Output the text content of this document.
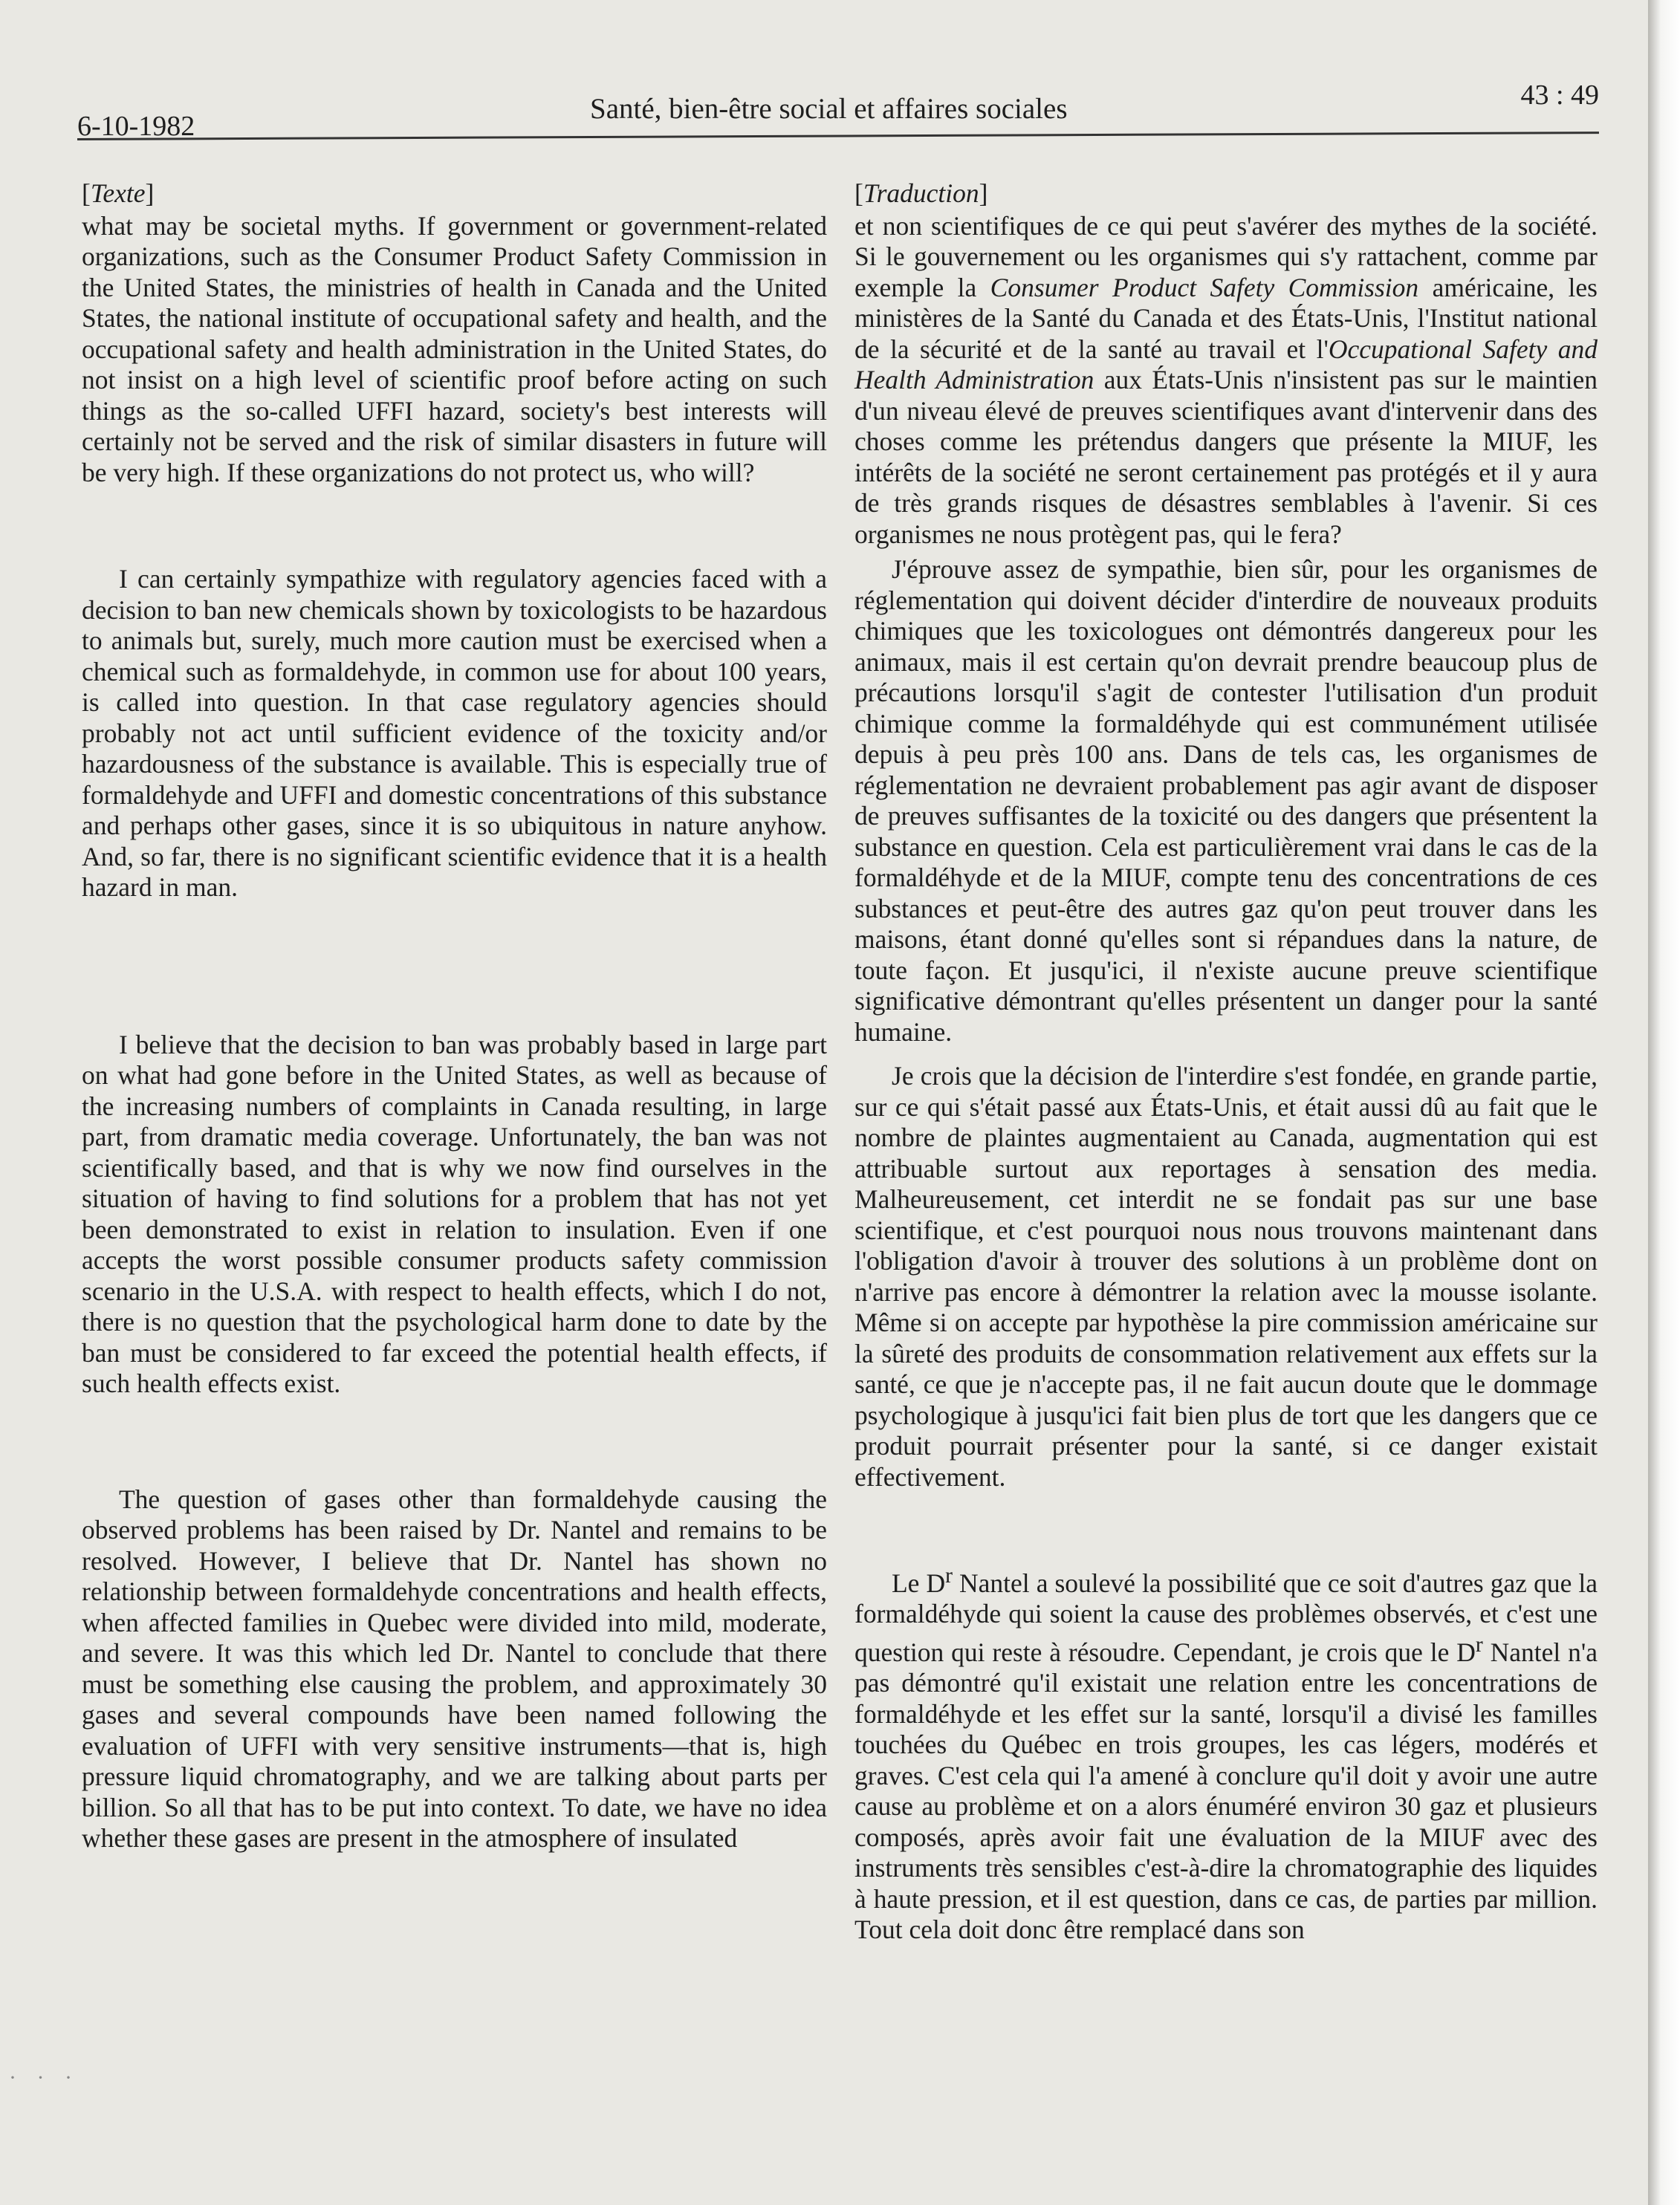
6-10-1982
Santé, bien-être social et affaires sociales	43 : 49
[Texte]

what may be societal myths. If government or government-related organizations, such as the Consumer Product Safety Commission in the United States, the ministries of health in Canada and the United States, the national institute of occupational safety and health, and the occupational safety and health administration in the United States, do not insist on a high level of scientific proof before acting on such things as the so-called UFFI hazard, society's best interests will certainly not be served and the risk of similar disasters in future will be very high. If these organizations do not protect us, who will?

I can certainly sympathize with regulatory agencies faced with a decision to ban new chemicals shown by toxicologists to be hazardous to animals but, surely, much more caution must be exercised when a chemical such as formaldehyde, in common use for about 100 years, is called into question. In that case regulatory agencies should probably not act until sufficient evidence of the toxicity and/or hazardousness of the substance is available. This is especially true of formaldehyde and UFFI and domestic concentrations of this substance and perhaps other gases, since it is so ubiquitous in nature anyhow. And, so far, there is no significant scientific evidence that it is a health hazard in man.

I believe that the decision to ban was probably based in large part on what had gone before in the United States, as well as because of the increasing numbers of complaints in Canada resulting, in large part, from dramatic media coverage. Unfortunately, the ban was not scientifically based, and that is why we now find ourselves in the situation of having to find solutions for a problem that has not yet been demonstrated to exist in relation to insulation. Even if one accepts the worst possible consumer products safety commission scenario in the U.S.A. with respect to health effects, which I do not, there is no question that the psychological harm done to date by the ban must be considered to far exceed the potential health effects, if such health effects exist.

The question of gases other than formaldehyde causing the observed problems has been raised by Dr. Nantel and remains to be resolved. However, I believe that Dr. Nantel has shown no relationship between formaldehyde concentrations and health effects, when affected families in Quebec were divided into mild, moderate, and severe. It was this which led Dr. Nantel to conclude that there must be something else causing the problem, and approximately 30 gases and several compounds have been named following the evaluation of UFFI with very sensitive instruments—that is, high pressure liquid chromatography, and we are talking about parts per billion. So all that has to be put into context. To date, we have no idea whether these gases are present in the atmosphere of insulated

[Traduction]

et non scientifiques de ce qui peut s'avérer des mythes de la société. Si le gouvernement ou les organismes qui s'y rattachent, comme par exemple la Consumer Product Safety Commission américaine, les ministères de la Santé du Canada et des États-Unis, l'Institut national de la sécurité et de la santé au travail et l'Occupational Safety and Health Administration aux États-Unis n'insistent pas sur le maintien d'un niveau élevé de preuves scientifiques avant d'intervenir dans des choses comme les prétendus dangers que présente la MIUF, les intérêts de la société ne seront certainement pas protégés et il y aura de très grands risques de désastres semblables à l'avenir. Si ces organismes ne nous protègent pas, qui le fera?

J'éprouve assez de sympathie, bien sûr, pour les organismes de réglementation qui doivent décider d'interdire de nouveaux produits chimiques que les toxicologues ont démontrés dangereux pour les animaux, mais il est certain qu'on devrait prendre beaucoup plus de précautions lorsqu'il s'agit de contester l'utilisation d'un produit chimique comme la formaldéhyde qui est communément utilisée depuis à peu près 100 ans. Dans de tels cas, les organismes de réglementation ne devraient probablement pas agir avant de disposer de preuves suffisantes de la toxicité ou des dangers que présentent la substance en question. Cela est particulièrement vrai dans le cas de la formaldéhyde et de la MIUF, compte tenu des concentrations de ces substances et peut-être des autres gaz qu'on peut trouver dans les maisons, étant donné qu'elles sont si répandues dans la nature, de toute façon. Et jusqu'ici, il n'existe aucune preuve scientifique significative démontrant qu'elles présentent un danger pour la santé humaine.

Je crois que la décision de l'interdire s'est fondée, en grande partie, sur ce qui s'était passé aux États-Unis, et était aussi dû au fait que le nombre de plaintes augmentaient au Canada, augmentation qui est attribuable surtout aux reportages à sensation des media. Malheureusement, cet interdit ne se fondait pas sur une base scientifique, et c'est pourquoi nous nous trouvons maintenant dans l'obligation d'avoir à trouver des solutions à un problème dont on n'arrive pas encore à démontrer la relation avec la mousse isolante. Même si on accepte par hypothèse la pire commission américaine sur la sûreté des produits de consommation relativement aux effets sur la santé, ce que je n'accepte pas, il ne fait aucun doute que le dommage psychologique à jusqu'ici fait bien plus de tort que les dangers que ce produit pourrait présenter pour la santé, si ce danger existait effectivement.

Le $D^r$ Nantel a soulevé la possibilité que ce soit d'autres gaz que la formaldéhyde qui soient la cause des problèmes observés, et c'est une question qui reste à résoudre. Cependant, je crois que le $D^r$ Nantel n'a pas démontré qu'il existait une relation entre les concentrations de formaldéhyde et les effet sur la santé, lorsqu'il a divisé les familles touchées du Québec en trois groupes, les cas légers, modérés et graves. C'est cela qui l'a amené à conclure qu'il doit y avoir une autre cause au problème et on a alors énuméré environ 30 gaz et plusieurs composés, après avoir fait une évaluation de la MIUF avec des instruments très sensibles c'est-à-dire la chromatographie des liquides à haute pression, et il est question, dans ce cas, de parties par million. Tout cela doit donc être remplacé dans son

· · ·
